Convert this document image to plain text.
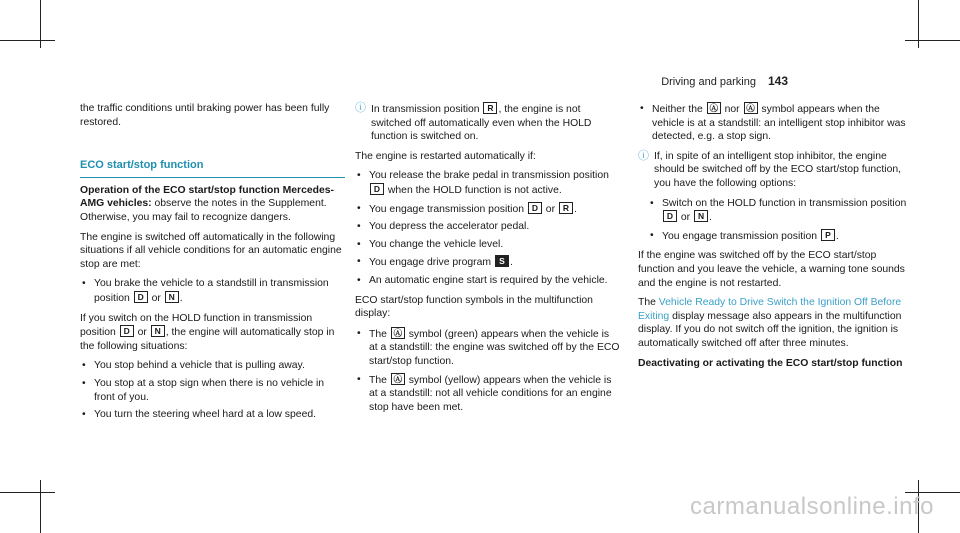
Driving and parking 143

the traffic conditions until braking power has been fully restored.

ECO start/stop function

Operation of the ECO start/stop function Mercedes-AMG vehicles: observe the notes in the Supplement. Otherwise, you may fail to recognize dangers.

The engine is switched off automatically in the following situations if all vehicle conditions for an automatic engine stop are met:

• You brake the vehicle to a standstill in transmission position D or N .

If you switch on the HOLD function in transmission position D or N , the engine will automatically stop in the following situations:

• You stop behind a vehicle that is pulling away.
• You stop at a stop sign when there is no vehicle in front of you.
• You turn the steering wheel hard at a low speed.
ⓘ In transmission position R , the engine is not switched off automatically even when the HOLD function is switched on.

The engine is restarted automatically if:

• You release the brake pedal in transmission position D when the HOLD function is not active.
• You engage transmission position D or R .
• You depress the accelerator pedal.
• You change the vehicle level.
• You engage drive program S .
• An automatic engine start is required by the vehicle.

ECO start/stop function symbols in the multifunction display:

• The Ⓐ symbol (green) appears when the vehicle is at a standstill: the engine was switched off by the ECO start/stop function.
• The Ⓐ symbol (yellow) appears when the vehicle is at a standstill: not all vehicle conditions for an engine stop have been met.
• Neither the Ⓐ nor Ⓐ symbol appears when the vehicle is at a standstill: an intelligent stop inhibitor was detected, e.g. a stop sign.
ⓘ If, in spite of an intelligent stop inhibitor, the engine should be switched off by the ECO start/stop function, you have the following options:
• Switch on the HOLD function in transmission position D or N .
• You engage transmission position P .

If the engine was switched off by the ECO start/stop function and you leave the vehicle, a warning tone sounds and the engine is not restarted.

The Vehicle Ready to Drive Switch the Ignition Off Before Exiting display message also appears in the multifunction display. If you do not switch off the ignition, the ignition is automatically switched off after three minutes.

Deactivating or activating the ECO start/stop function
carmanualsonline.info
